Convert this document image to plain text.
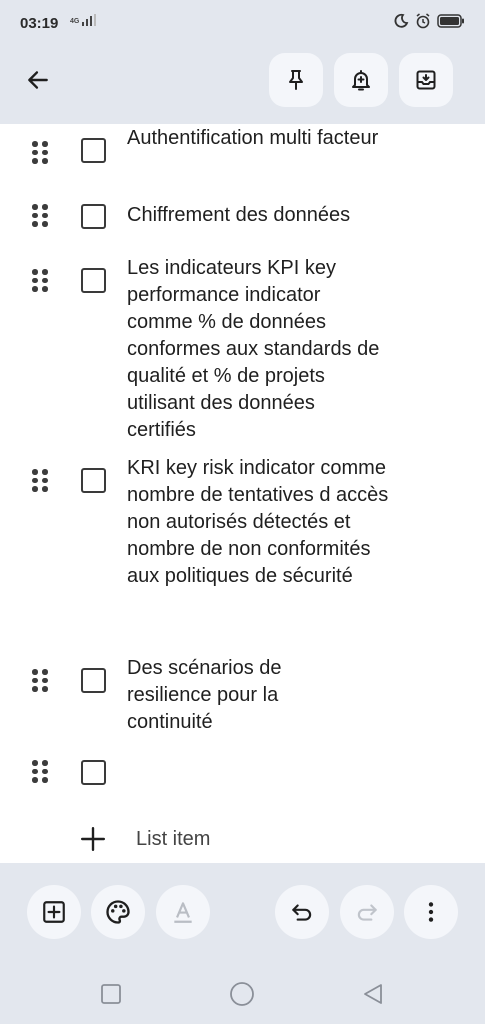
03:19 4G
Authentification multi facteur
Chiffrement des données
Les indicateurs KPI key performance indicator comme % de données conformes aux standards de qualité et % de projets utilisant des données certifiés
KRI key risk indicator comme nombre de tentatives d accès non autorisés détectés et nombre de non conformités aux politiques de sécurité
Des scénarios de resilience pour la continuité
List item
